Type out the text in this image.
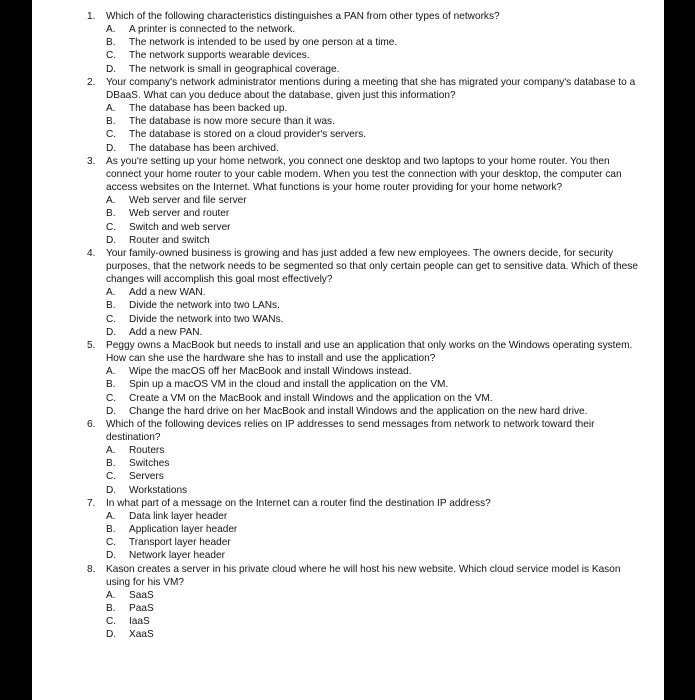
1.	Which of the following characteristics distinguishes a PAN from other types of networks?
A. A printer is connected to the network.
B. The network is intended to be used by one person at a time.
C. The network supports wearable devices.
D. The network is small in geographical coverage.
2.	Your company's network administrator mentions during a meeting that she has migrated your company's database to a DBaaS. What can you deduce about the database, given just this information?
A. The database has been backed up.
B. The database is now more secure than it was.
C. The database is stored on a cloud provider's servers.
D. The database has been archived.
3.	As you're setting up your home network, you connect one desktop and two laptops to your home router. You then connect your home router to your cable modem. When you test the connection with your desktop, the computer can access websites on the Internet. What functions is your home router providing for your home network?
A. Web server and file server
B. Web server and router
C. Switch and web server
D. Router and switch
4.	Your family-owned business is growing and has just added a few new employees. The owners decide, for security purposes, that the network needs to be segmented so that only certain people can get to sensitive data. Which of these changes will accomplish this goal most effectively?
A. Add a new WAN.
B. Divide the network into two LANs.
C. Divide the network into two WANs.
D. Add a new PAN.
5.	Peggy owns a MacBook but needs to install and use an application that only works on the Windows operating system. How can she use the hardware she has to install and use the application?
A. Wipe the macOS off her MacBook and install Windows instead.
B. Spin up a macOS VM in the cloud and install the application on the VM.
C. Create a VM on the MacBook and install Windows and the application on the VM.
D. Change the hard drive on her MacBook and install Windows and the application on the new hard drive.
6.	Which of the following devices relies on IP addresses to send messages from network to network toward their destination?
A. Routers
B. Switches
C. Servers
D. Workstations
7.	In what part of a message on the Internet can a router find the destination IP address?
A. Data link layer header
B. Application layer header
C. Transport layer header
D. Network layer header
8.	Kason creates a server in his private cloud where he will host his new website. Which cloud service model is Kason using for his VM?
A. SaaS
B. PaaS
C. IaaS
D. XaaS
